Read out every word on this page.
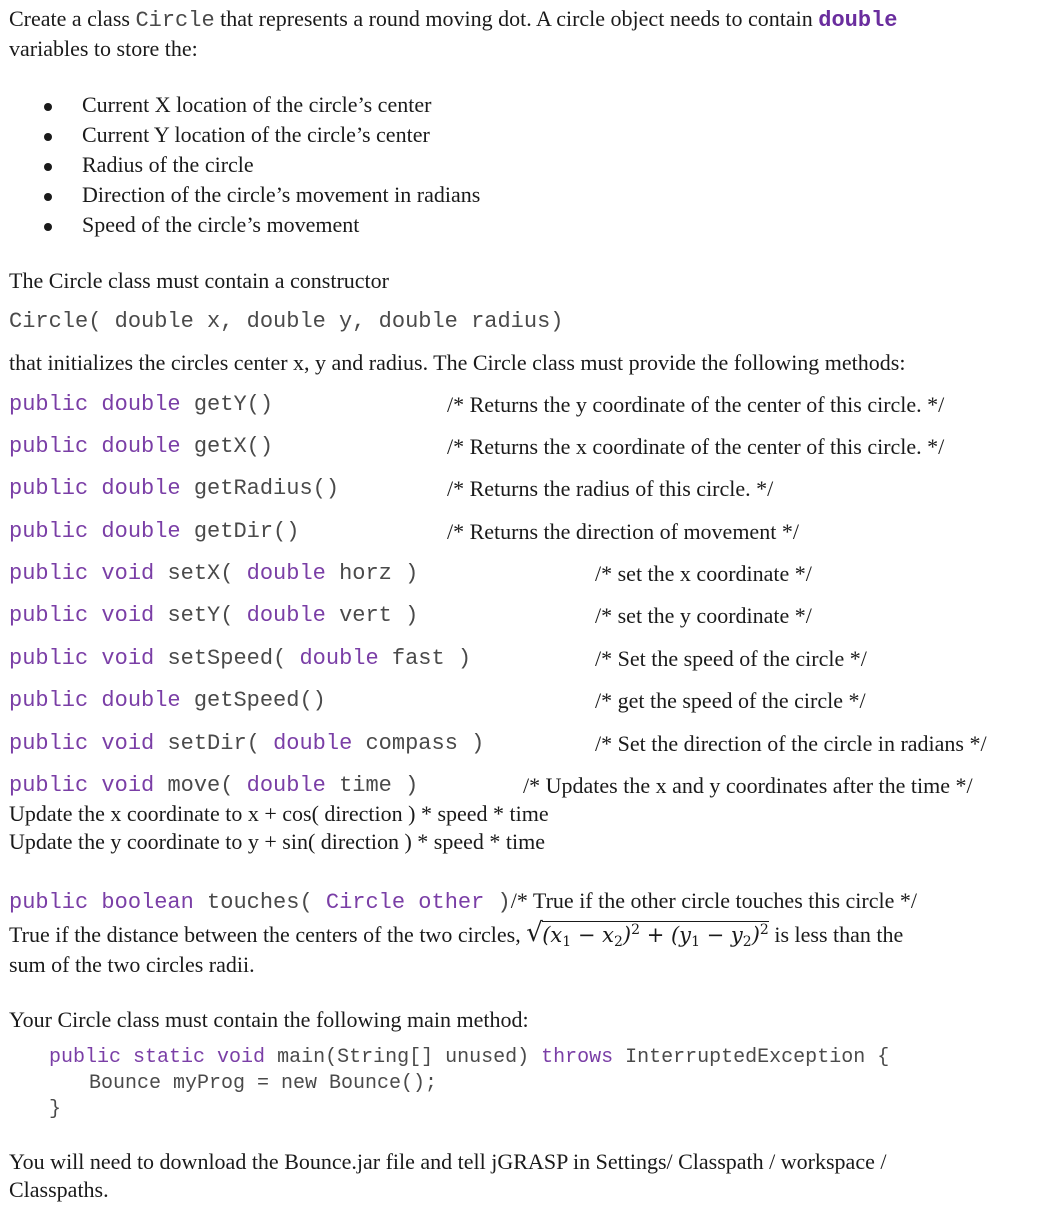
Create a class Circle that represents a round moving dot. A circle object needs to contain double
variables to store the:
Current X location of the circle’s center
Current Y location of the circle’s center
Radius of the circle
Direction of the circle’s movement in radians
Speed of the circle’s movement
The Circle class must contain a constructor
Circle( double x, double y, double radius)
that initializes the circles center x, y and radius. The Circle class must provide the following methods:
public double getY()	/* Returns the y coordinate of the center of this circle. */
public double getX()	/* Returns the x coordinate of the center of this circle. */
public double getRadius()	/* Returns the radius of this circle. */
public double getDir()	/* Returns the direction of movement */
public void setX( double horz )	/* set the x coordinate */
public void setY( double vert )	/* set the y coordinate */
public void setSpeed( double fast )	/* Set the speed of the circle */
public double getSpeed()	/* get the speed of the circle */
public void setDir( double compass )	/* Set the direction of the circle in radians */
public void move( double time )	/* Updates the x and y coordinates after the time */
Update the x coordinate to x + cos( direction ) * speed * time
Update the y coordinate to y + sin( direction ) * speed * time
public boolean touches( Circle other )/* True if the other circle touches this circle */
True if the distance between the centers of the two circles, √ $(x_1 - x_2)^2 + (y_1 - y_2)^2$ is less than the
sum of the two circles radii.
Your Circle class must contain the following main method:
public static void main(String[] unused) throws InterruptedException {
Bounce myProg = new Bounce();
}
You will need to download the Bounce.jar file and tell jGRASP in Settings/ Classpath / workspace /
Classpaths.
